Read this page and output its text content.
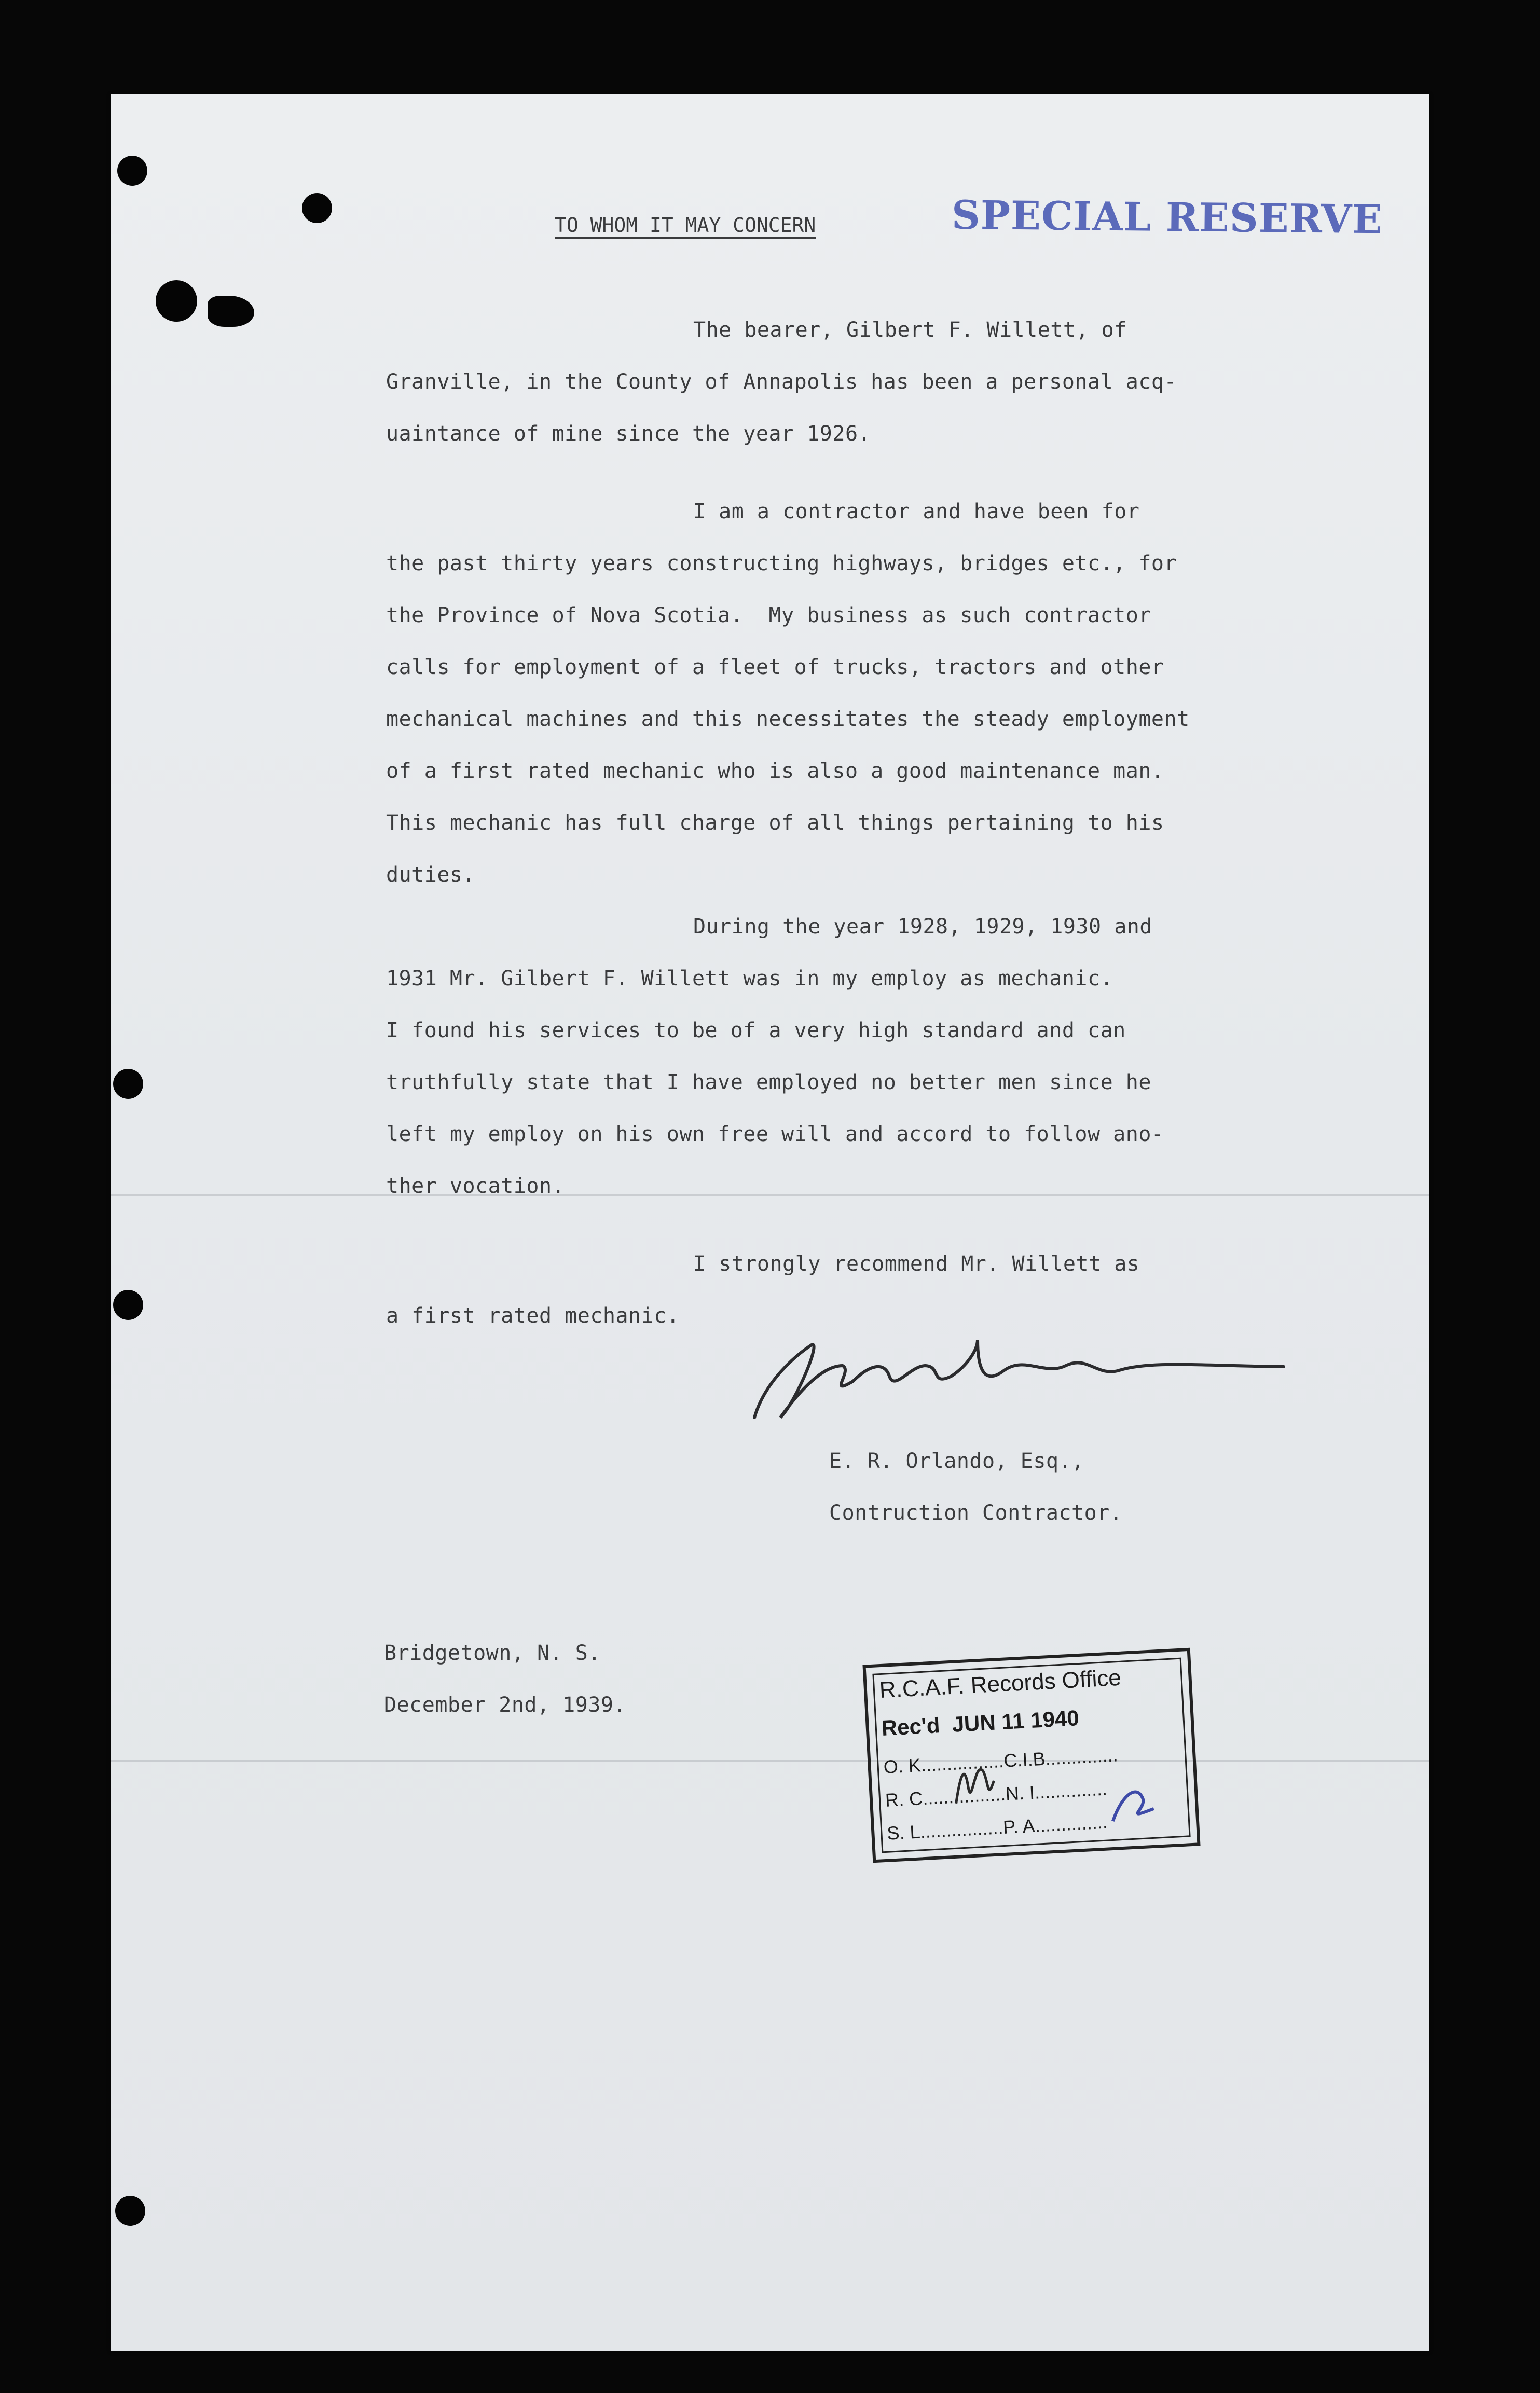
TO WHOM IT MAY CONCERN	SPECIAL RESERVE
The bearer, Gilbert F. Willett, of
Granville, in the County of Annapolis has been a personal acq-
uaintance of mine since the year 1926.
I am a contractor and have been for
the past thirty years constructing highways, bridges etc., for
the Province of Nova Scotia.  My business as such contractor
calls for employment of a fleet of trucks, tractors and other
mechanical machines and this necessitates the steady employment
of a first rated mechanic who is also a good maintenance man.
This mechanic has full charge of all things pertaining to his
duties.
During the year 1928, 1929, 1930 and
1931 Mr. Gilbert F. Willett was in my employ as mechanic.
I found his services to be of a very high standard and can
truthfully state that I have employed no better men since he
left my employ on his own free will and accord to follow ano-
ther vocation.
I strongly recommend Mr. Willett as
a first rated mechanic.
E. R. Orlando, Esq.,
Contruction Contractor.
Bridgetown, N. S.
December 2nd, 1939.
R.C.A.F. Records Office
Rec'd JUN 11 1940
O. K................C.I.B..............
R. C................N. I..............
S. L................P. A..............
